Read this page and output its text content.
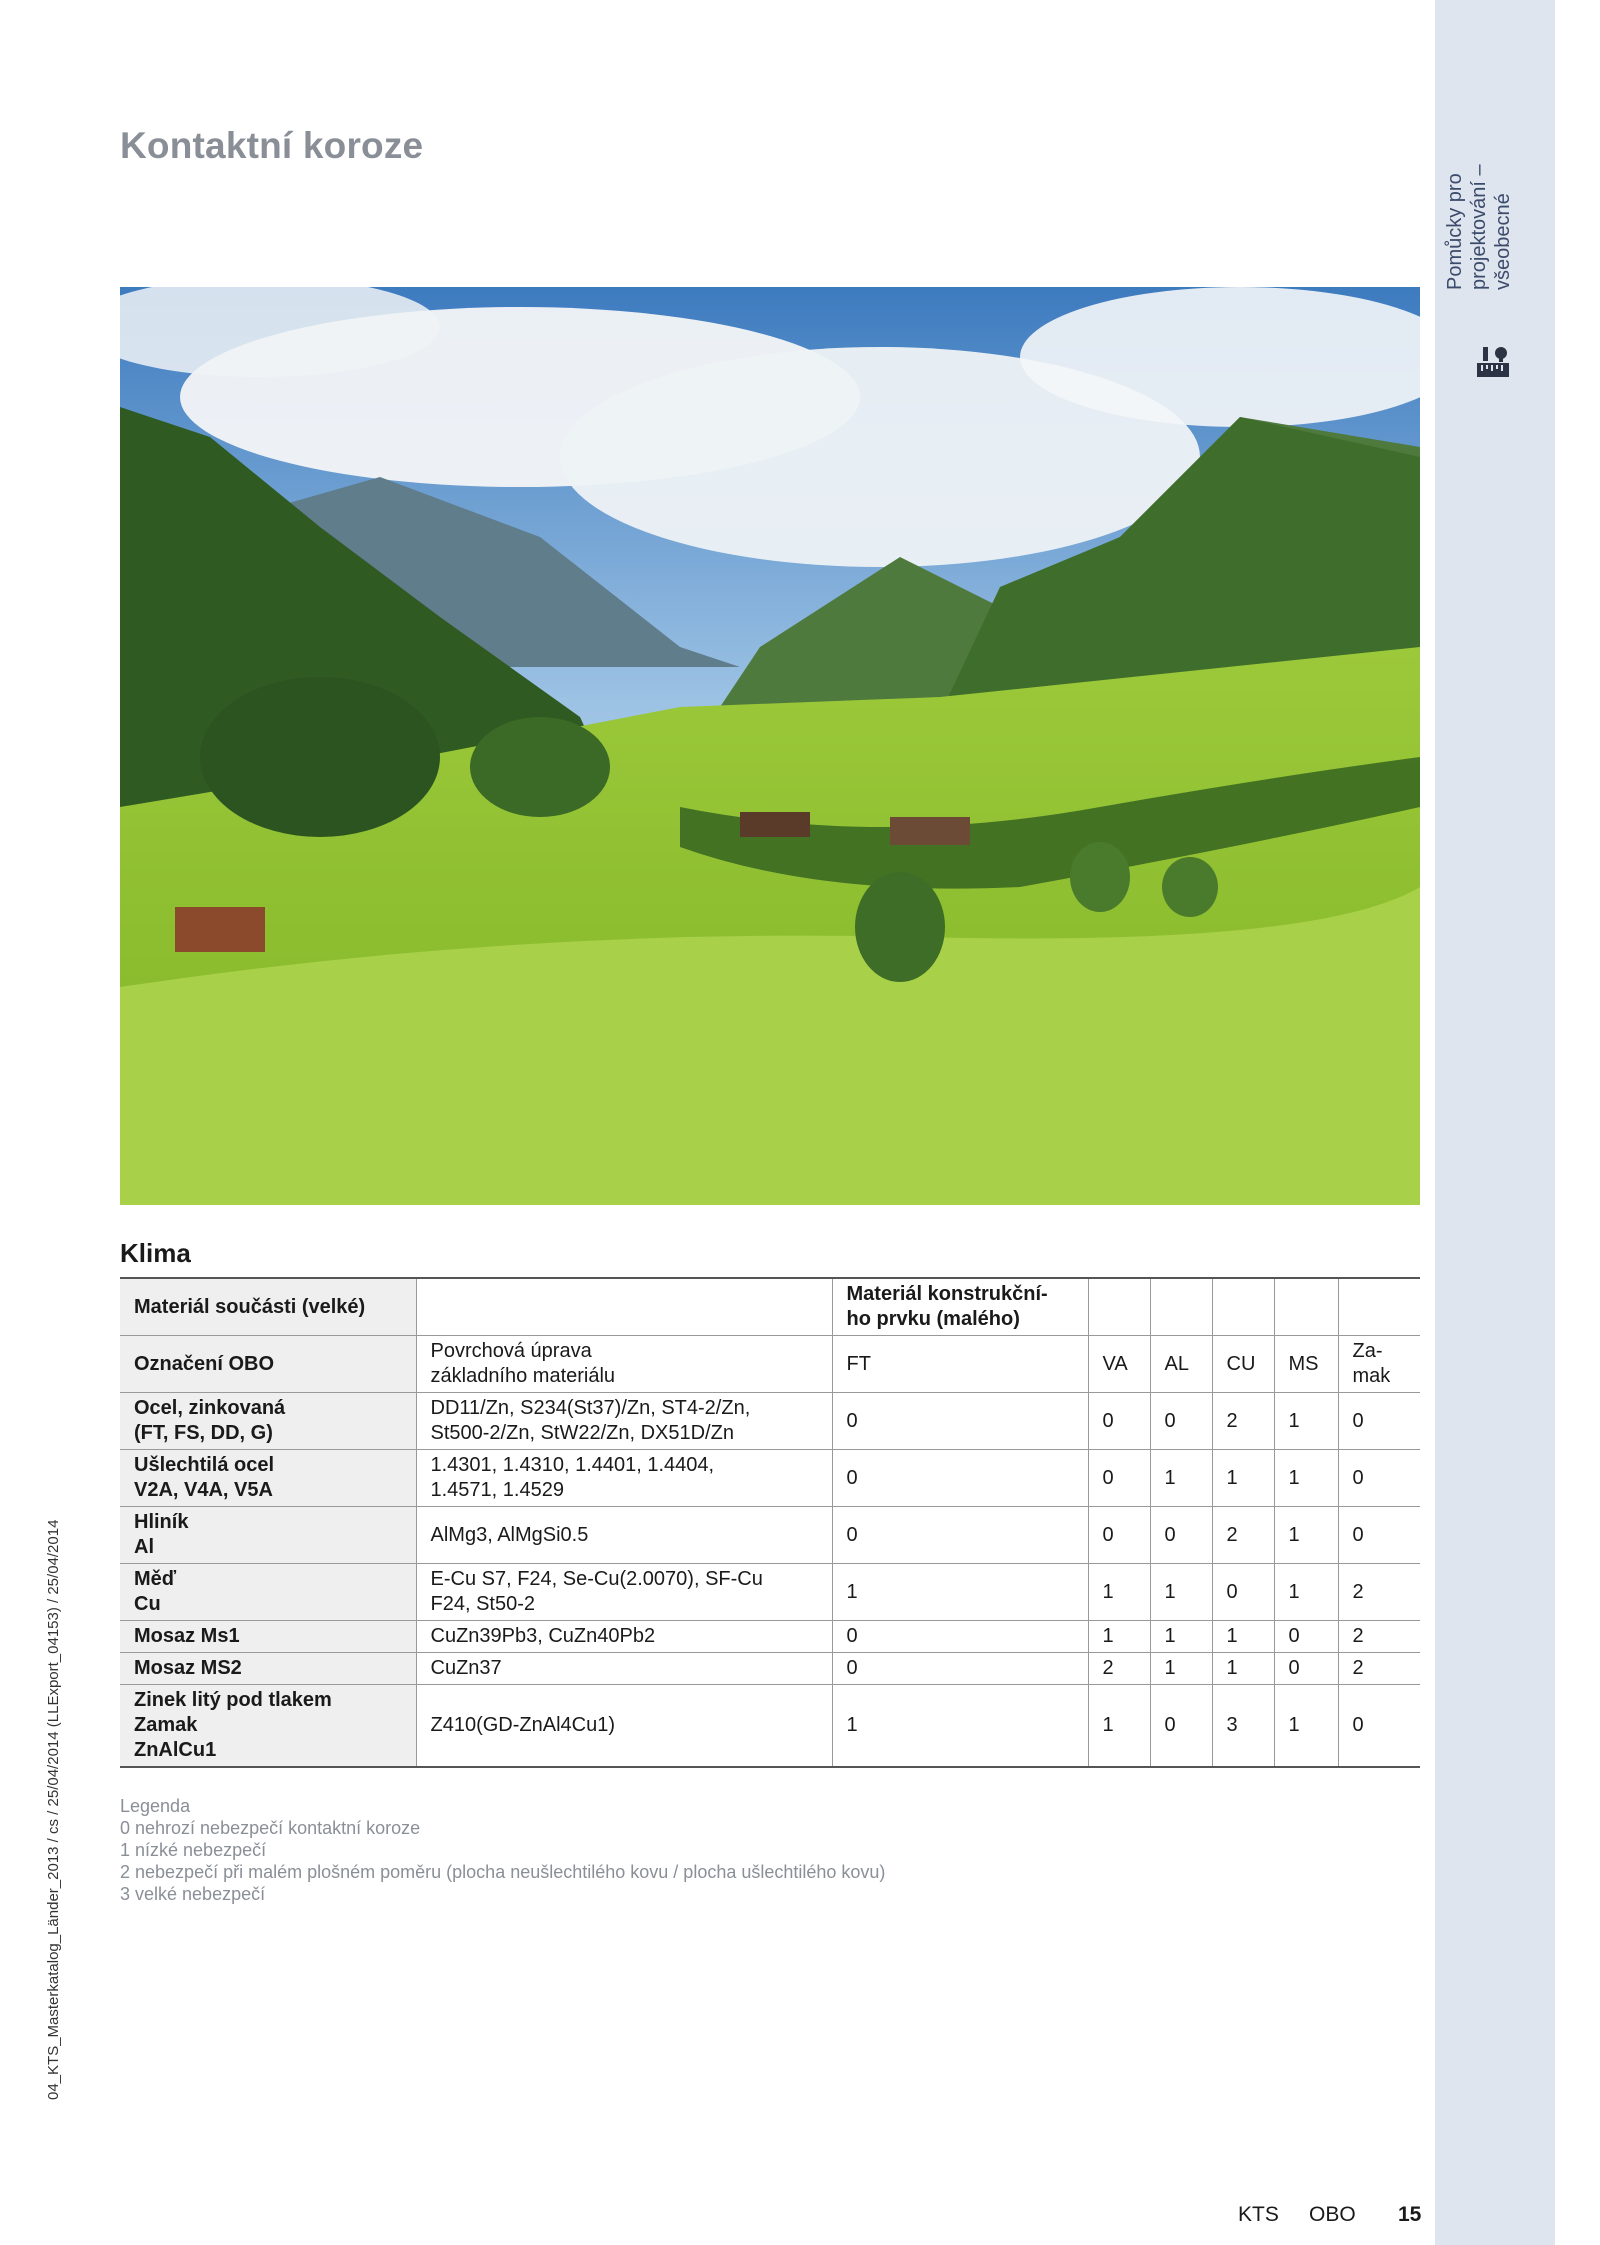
Pomůcky pro projektování – všeobecné
Kontaktní koroze
Klima
Materiál součásti (velké)		Materiál konstrukční-
ho prvku (malého)					
Označení OBO	Povrchová úprava
základního materiálu	FT	VA	AL	CU	MS	Za-
mak
Ocel, zinkovaná
(FT, FS, DD, G)	DD11/Zn, S234(St37)/Zn, ST4-2/Zn,
St500-2/Zn, StW22/Zn, DX51D/Zn	0	0	0	2	1	0
Ušlechtilá ocel
V2A, V4A, V5A	1.4301, 1.4310, 1.4401, 1.4404,
1.4571, 1.4529	0	0	1	1	1	0
Hliník
Al	AlMg3, AlMgSi0.5	0	0	0	2	1	0
Měď
Cu	E-Cu S7, F24, Se-Cu(2.0070), SF-Cu
F24, St50-2	1	1	1	0	1	2
Mosaz Ms1	CuZn39Pb3, CuZn40Pb2	0	1	1	1	0	2
Mosaz MS2	CuZn37	0	2	1	1	0	2
Zinek litý pod tlakem
Zamak
ZnAlCu1	Z410(GD-ZnAl4Cu1)	1	1	0	3	1	0
Legenda
0 nehrozí nebezpečí kontaktní koroze
1 nízké nebezpečí
2 nebezpečí při malém plošném poměru (plocha neušlechtilého kovu / plocha ušlechtilého kovu)
3 velké nebezpečí
04_KTS_Masterkatalog_Länder_2013 / cs / 25/04/2014 (LLExport_04153) / 25/04/2014
KTS OBO 15
